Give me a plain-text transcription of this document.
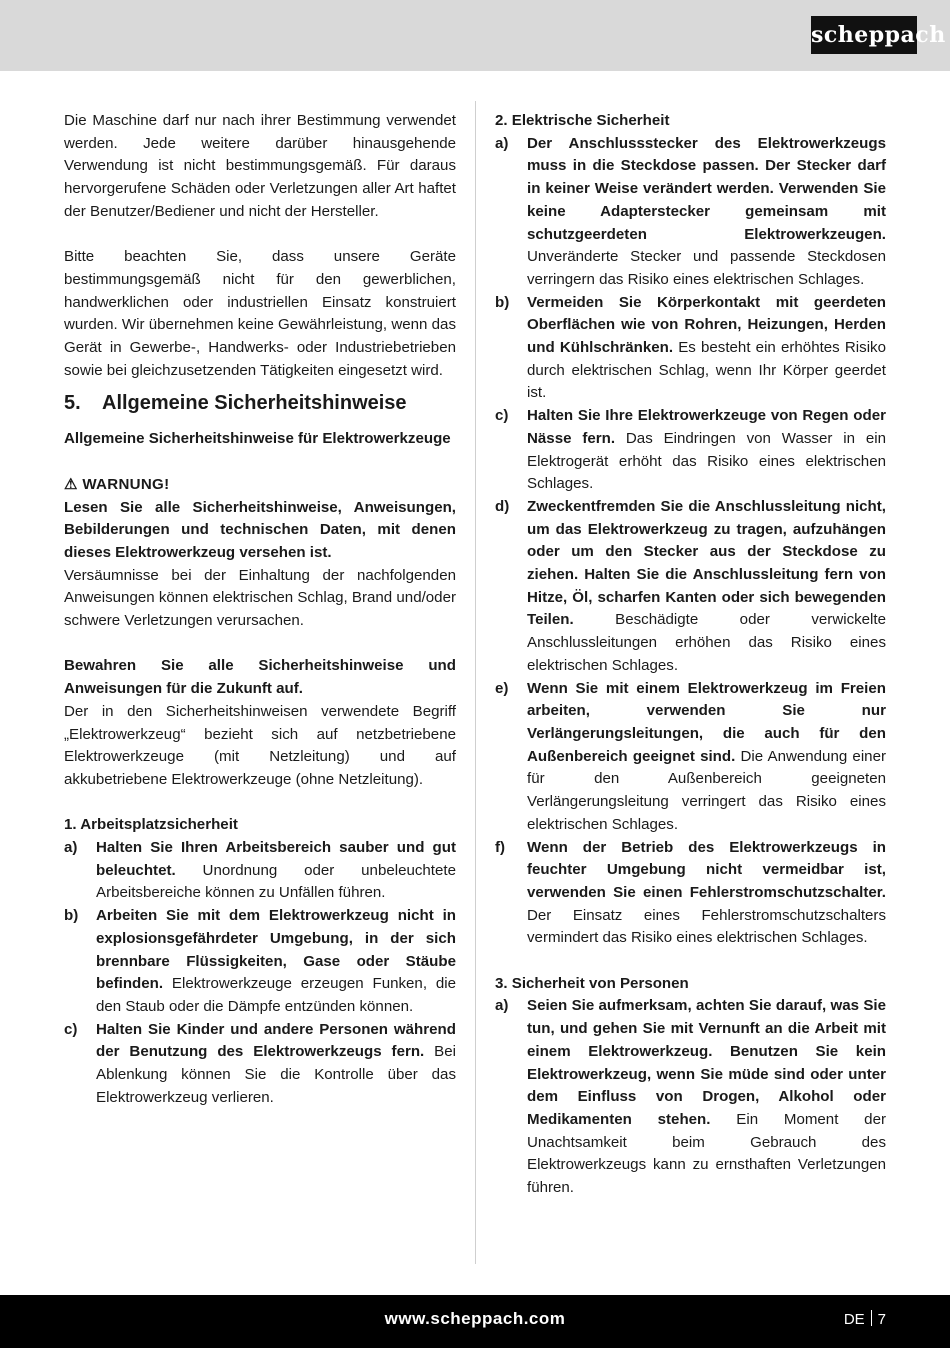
scheppach

Die Maschine darf nur nach ihrer Bestimmung verwendet werden. Jede weitere darüber hinausgehende Verwendung ist nicht bestimmungsgemäß. Für daraus hervorgerufene Schäden oder Verletzungen aller Art haftet der Benutzer/Bediener und nicht der Hersteller.

Bitte beachten Sie, dass unsere Geräte bestimmungsgemäß nicht für den gewerblichen, handwerklichen oder industriellen Einsatz konstruiert wurden. Wir übernehmen keine Gewährleistung, wenn das Gerät in Gewerbe-, Handwerks- oder Industriebetrieben sowie bei gleichzusetzenden Tätigkeiten eingesetzt wird.

5.	Allgemeine Sicherheitshinweise

Allgemeine Sicherheitshinweise für Elektrowerkzeuge

⚠ WARNUNG!

Lesen Sie alle Sicherheitshinweise, Anweisungen, Bebilderungen und technischen Daten, mit denen dieses Elektrowerkzeug versehen ist.

Versäumnisse bei der Einhaltung der nachfolgenden Anweisungen können elektrischen Schlag, Brand und/oder schwere Verletzungen verursachen.

Bewahren Sie alle Sicherheitshinweise und Anweisungen für die Zukunft auf.

Der in den Sicherheitshinweisen verwendete Begriff „Elektrowerkzeug“ bezieht sich auf netzbetriebene Elektrowerkzeuge (mit Netzleitung) und auf akkubetriebene Elektrowerkzeuge (ohne Netzleitung).

1. Arbeitsplatzsicherheit

a)	Halten Sie Ihren Arbeitsbereich sauber und gut beleuchtet. Unordnung oder unbeleuchtete Arbeitsbereiche können zu Unfällen führen.
b)	Arbeiten Sie mit dem Elektrowerkzeug nicht in explosionsgefährdeter Umgebung, in der sich brennbare Flüssigkeiten, Gase oder Stäube befinden. Elektrowerkzeuge erzeugen Funken, die den Staub oder die Dämpfe entzünden können.
c)	Halten Sie Kinder und andere Personen während der Benutzung des Elektrowerkzeugs fern. Bei Ablenkung können Sie die Kontrolle über das Elektrowerkzeug verlieren.

2. Elektrische Sicherheit

a)	Der Anschlussstecker des Elektrowerkzeugs muss in die Steckdose passen. Der Stecker darf in keiner Weise verändert werden. Verwenden Sie keine Adapterstecker gemeinsam mit schutzgeerdeten Elektrowerkzeugen. Unveränderte Stecker und passende Steckdosen verringern das Risiko eines elektrischen Schlages.
b)	Vermeiden Sie Körperkontakt mit geerdeten Oberflächen wie von Rohren, Heizungen, Herden und Kühlschränken. Es besteht ein erhöhtes Risiko durch elektrischen Schlag, wenn Ihr Körper geerdet ist.
c)	Halten Sie Ihre Elektrowerkzeuge von Regen oder Nässe fern. Das Eindringen von Wasser in ein Elektrogerät erhöht das Risiko eines elektrischen Schlages.
d)	Zweckentfremden Sie die Anschlussleitung nicht, um das Elektrowerkzeug zu tragen, aufzuhängen oder um den Stecker aus der Steckdose zu ziehen. Halten Sie die Anschlussleitung fern von Hitze, Öl, scharfen Kanten oder sich bewegenden Teilen. Beschädigte oder verwickelte Anschlussleitungen erhöhen das Risiko eines elektrischen Schlages.
e)	Wenn Sie mit einem Elektrowerkzeug im Freien arbeiten, verwenden Sie nur Verlängerungsleitungen, die auch für den Außenbereich geeignet sind. Die Anwendung einer für den Außenbereich geeigneten Verlängerungsleitung verringert das Risiko eines elektrischen Schlages.
f)	Wenn der Betrieb des Elektrowerkzeugs in feuchter Umgebung nicht vermeidbar ist, verwenden Sie einen Fehlerstromschutzschalter. Der Einsatz eines Fehlerstromschutzschalters vermindert das Risiko eines elektrischen Schlages.

3. Sicherheit von Personen

a)	Seien Sie aufmerksam, achten Sie darauf, was Sie tun, und gehen Sie mit Vernunft an die Arbeit mit einem Elektrowerkzeug. Benutzen Sie kein Elektrowerkzeug, wenn Sie müde sind oder unter dem Einfluss von Drogen, Alkohol oder Medikamenten stehen. Ein Moment der Unachtsamkeit beim Gebrauch des Elektrowerkzeugs kann zu ernsthaften Verletzungen führen.
www.scheppach.com	DE 7
